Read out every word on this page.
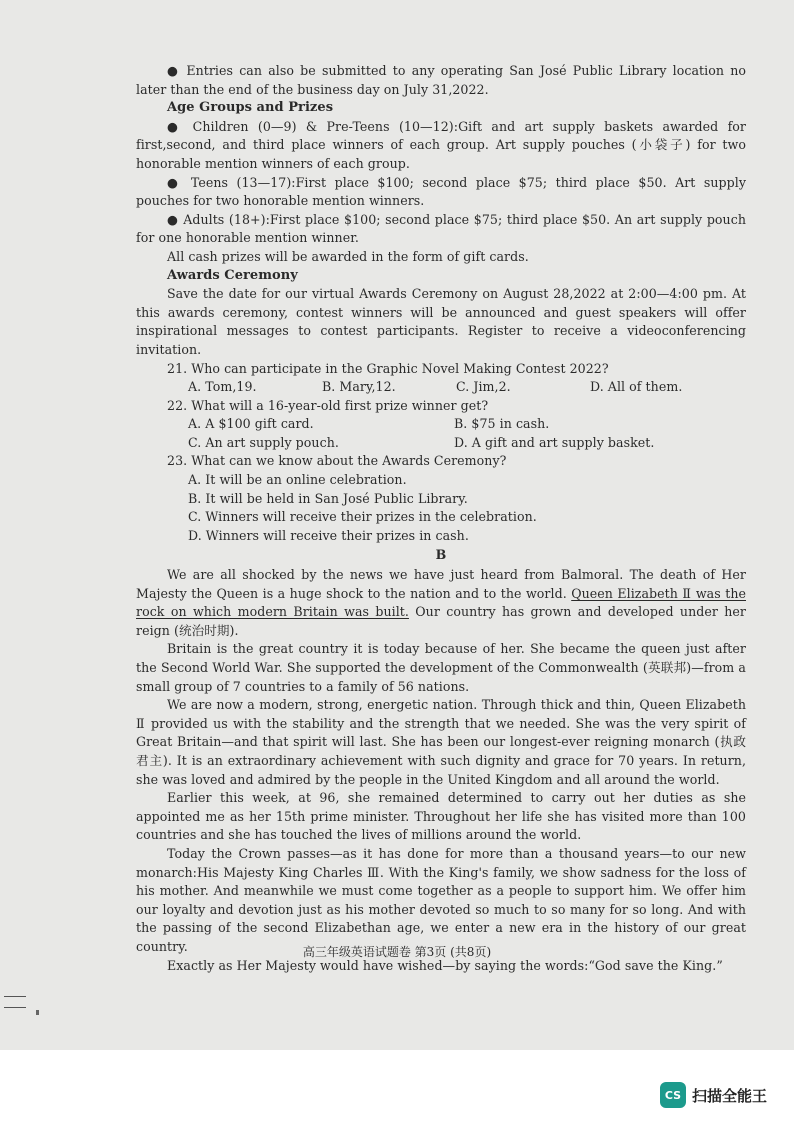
● Entries can also be submitted to any operating San José Public Library location no later than the end of the business day on July 31,2022.

Age Groups and Prizes

● Children (0—9) & Pre-Teens (10—12):Gift and art supply baskets awarded for first,second, and third place winners of each group. Art supply pouches (小袋子) for two honorable mention winners of each group.

● Teens (13—17):First place $100; second place $75; third place $50. Art supply pouches for two honorable mention winners.

● Adults (18+):First place $100; second place $75; third place $50. An art supply pouch for one honorable mention winner.

All cash prizes will be awarded in the form of gift cards.

Awards Ceremony

Save the date for our virtual Awards Ceremony on August 28,2022 at 2:00—4:00 pm. At this awards ceremony, contest winners will be announced and guest speakers will offer inspirational messages to contest participants. Register to receive a videoconferencing invitation.

21. Who can participate in the Graphic Novel Making Contest 2022?

A. Tom,19.	B. Mary,12.	C. Jim,2.	D. All of them.

22. What will a 16-year-old first prize winner get?

A. A $100 gift card.	B. $75 in cash.
C. An art supply pouch.	D. A gift and art supply basket.

23. What can we know about the Awards Ceremony?

A. It will be an online celebration.

B. It will be held in San José Public Library.

C. Winners will receive their prizes in the celebration.

D. Winners will receive their prizes in cash.

B

We are all shocked by the news we have just heard from Balmoral. The death of Her Majesty the Queen is a huge shock to the nation and to the world. Queen Elizabeth Ⅱ was the rock on which modern Britain was built. Our country has grown and developed under her reign (统治时期).

Britain is the great country it is today because of her. She became the queen just after the Second World War. She supported the development of the Commonwealth (英联邦)—from a small group of 7 countries to a family of 56 nations.

We are now a modern, strong, energetic nation. Through thick and thin, Queen Elizabeth Ⅱ provided us with the stability and the strength that we needed. She was the very spirit of Great Britain—and that spirit will last. She has been our longest-ever reigning monarch (执政君主). It is an extraordinary achievement with such dignity and grace for 70 years. In return, she was loved and admired by the people in the United Kingdom and all around the world.

Earlier this week, at 96, she remained determined to carry out her duties as she appointed me as her 15th prime minister. Throughout her life she has visited more than 100 countries and she has touched the lives of millions around the world.

Today the Crown passes—as it has done for more than a thousand years—to our new monarch:His Majesty King Charles Ⅲ. With the King's family, we show sadness for the loss of his mother. And meanwhile we must come together as a people to support him. We offer him our loyalty and devotion just as his mother devoted so much to so many for so long. And with the passing of the second Elizabethan age, we enter a new era in the history of our great country.

Exactly as Her Majesty would have wished—by saying the words:“God save the King.”

高三年级英语试题卷 第3页 (共8页)
CS 扫描全能王
